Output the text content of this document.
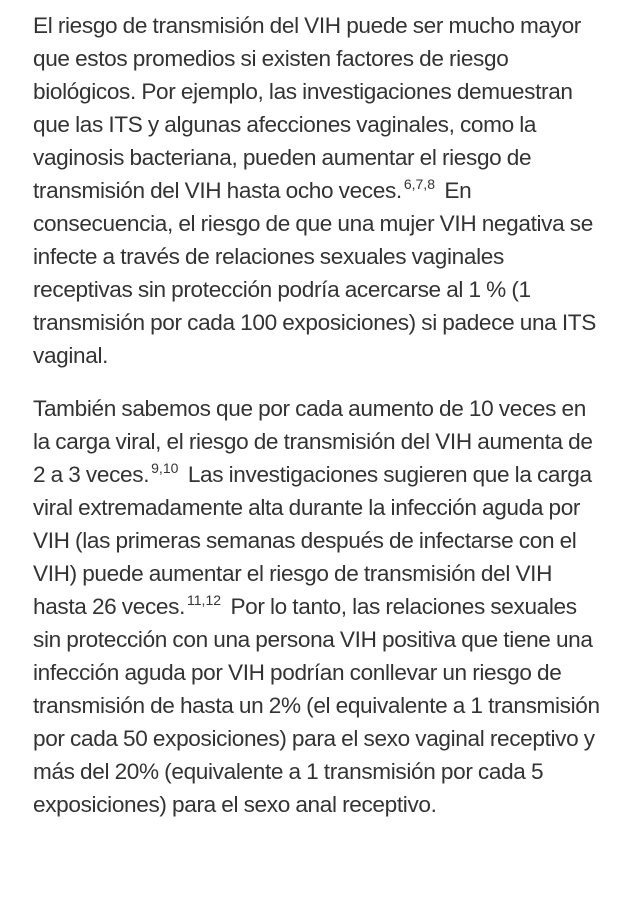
El riesgo de transmisión del VIH puede ser mucho mayor que estos promedios si existen factores de riesgo biológicos. Por ejemplo, las investigaciones demuestran que las ITS y algunas afecciones vaginales, como la vaginosis bacteriana, pueden aumentar el riesgo de transmisión del VIH hasta ocho veces. $^{6,7,8}$ En consecuencia, el riesgo de que una mujer VIH negativa se infecte a través de relaciones sexuales vaginales receptivas sin protección podría acercarse al 1 % (1 transmisión por cada 100 exposiciones) si padece una ITS vaginal.

También sabemos que por cada aumento de 10 veces en la carga viral, el riesgo de transmisión del VIH aumenta de 2 a 3 veces. $^{9,10}$ Las investigaciones sugieren que la carga viral extremadamente alta durante la infección aguda por VIH (las primeras semanas después de infectarse con el VIH) puede aumentar el riesgo de transmisión del VIH hasta 26 veces. $^{11,12}$ Por lo tanto, las relaciones sexuales sin protección con una persona VIH positiva que tiene una infección aguda por VIH podrían conllevar un riesgo de transmisión de hasta un 2% (el equivalente a 1 transmisión por cada 50 exposiciones) para el sexo vaginal receptivo y más del 20% (equivalente a 1 transmisión por cada 5 exposiciones) para el sexo anal receptivo.
